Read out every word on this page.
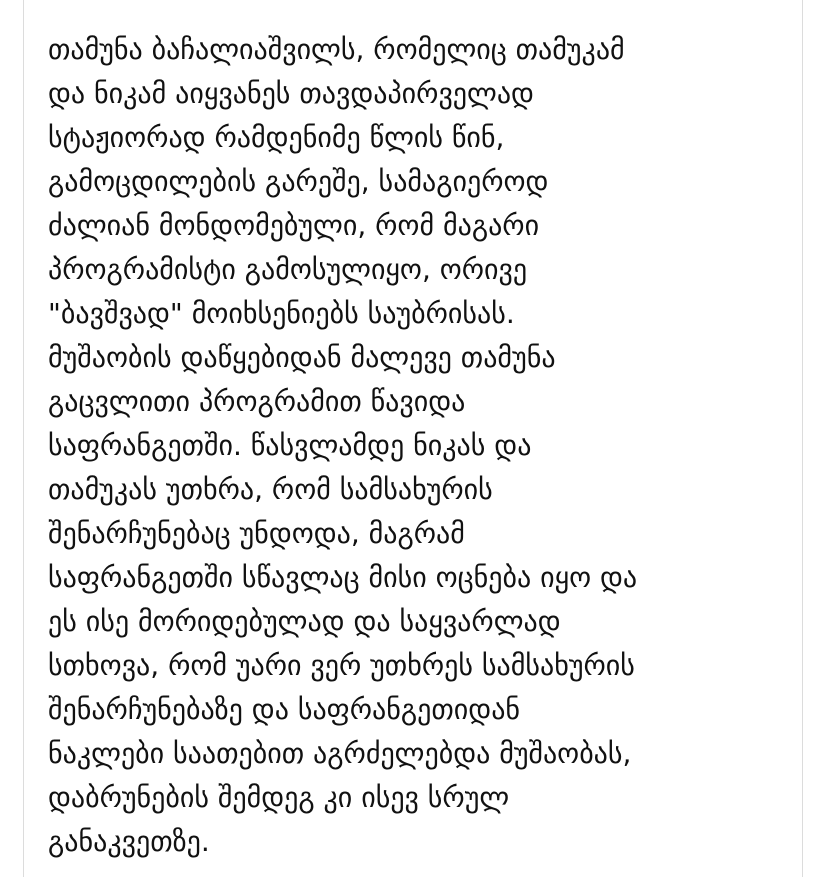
თამუნა ბაჩალიაშვილს, რომელიც თამუკამ
და ნიკამ აიყვანეს თავდაპირველად
სტაჟიორად რამდენიმე წლის წინ,
გამოცდილების გარეშე, სამაგიეროდ
ძალიან მონდომებული, რომ მაგარი
პროგრამისტი გამოსულიყო, ორივე
"ბავშვად" მოიხსენიებს საუბრისას.
მუშაობის დაწყებიდან მალევე თამუნა
გაცვლითი პროგრამით წავიდა
საფრანგეთში. წასვლამდე ნიკას და
თამუკას უთხრა, რომ სამსახურის
შენარჩუნებაც უნდოდა, მაგრამ
საფრანგეთში სწავლაც მისი ოცნება იყო და
ეს ისე მორიდებულად და საყვარლად
სთხოვა, რომ უარი ვერ უთხრეს სამსახურის
შენარჩუნებაზე და საფრანგეთიდან
ნაკლები საათებით აგრძელებდა მუშაობას,
დაბრუნების შემდეგ კი ისევ სრულ
განაკვეთზე.
